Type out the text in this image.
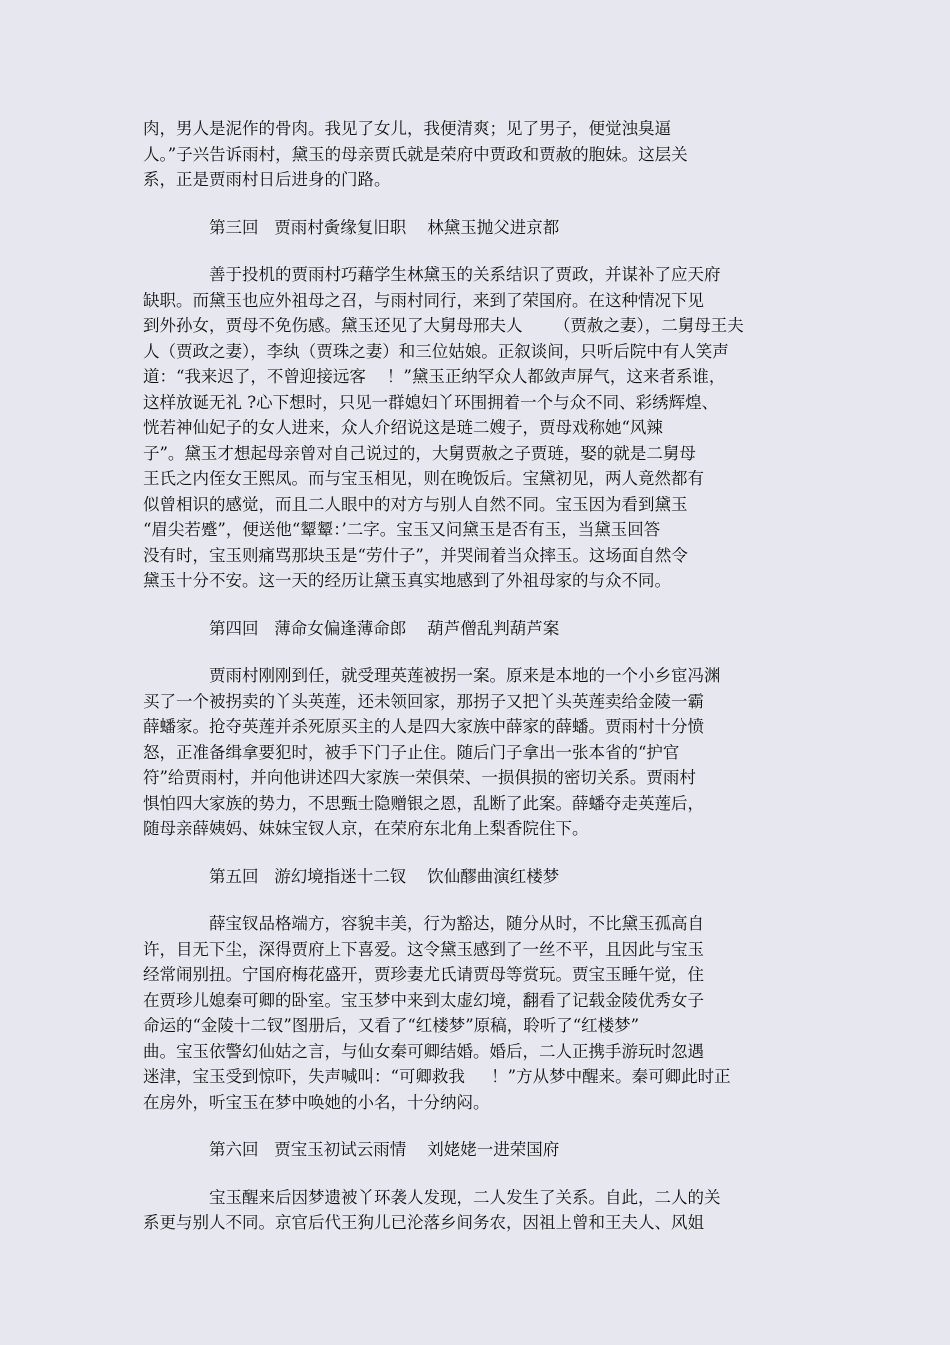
肉，男人是泥作的骨肉。我见了女儿，我便清爽；见了男子，便觉浊臭逼
人。”子兴告诉雨村，黛玉的母亲贾氏就是荣府中贾政和贾赦的胞妹。这层关
系，正是贾雨村日后进身的门路。
第三回   贾雨村夤缘复旧职    林黛玉抛父进京都
善于投机的贾雨村巧藉学生林黛玉的关系结识了贾政，并谋补了应天府
缺职。而黛玉也应外祖母之召，与雨村同行，来到了荣国府。在这种情况下见
到外孙女，贾母不免伤感。黛玉还见了大舅母邢夫人      （贾赦之妻），二舅母王夫
人（贾政之妻），李纨（贾珠之妻）和三位姑娘。正叙谈间，只听后院中有人笑声
道：“我来迟了，不曾迎接远客    ！”黛玉正纳罕众人都敛声屏气，这来者系谁，
这样放诞无礼 ?心下想时，只见一群媳妇丫环围拥着一个与众不同、彩绣辉煌、
恍若神仙妃子的女人进来，众人介绍说这是琏二嫂子，贾母戏称她“风辣
子”。黛玉才想起母亲曾对自己说过的，大舅贾赦之子贾琏，娶的就是二舅母
王氏之内侄女王熙凤。而与宝玉相见，则在晚饭后。宝黛初见，两人竟然都有
似曾相识的感觉，而且二人眼中的对方与别人自然不同。宝玉因为看到黛玉
“眉尖若蹙”，便送他“颦颦：’二字。宝玉又问黛玉是否有玉，当黛玉回答
没有时，宝玉则痛骂那块玉是“劳什子”，并哭闹着当众摔玉。这场面自然令
黛玉十分不安。这一天的经历让黛玉真实地感到了外祖母家的与众不同。
第四回   薄命女偏逢薄命郎    葫芦僧乱判葫芦案
贾雨村刚刚到任，就受理英莲被拐一案。原来是本地的一个小乡宦冯渊
买了一个被拐卖的丫头英莲，还未领回家，那拐子又把丫头英莲卖给金陵一霸
薛蟠家。抢夺英莲并杀死原买主的人是四大家族中薛家的薛蟠。贾雨村十分愤
怒，正准备缉拿要犯时，被手下门子止住。随后门子拿出一张本省的“护官
符”给贾雨村，并向他讲述四大家族一荣俱荣、一损俱损的密切关系。贾雨村
惧怕四大家族的势力，不思甄士隐赠银之恩，乱断了此案。薛蟠夺走英莲后，
随母亲薛姨妈、妹妹宝钗人京，在荣府东北角上梨香院住下。
第五回   游幻境指迷十二钗    饮仙醪曲演红楼梦
薛宝钗品格端方，容貌丰美，行为豁达，随分从时，不比黛玉孤高自
许，目无下尘，深得贾府上下喜爱。这令黛玉感到了一丝不平，且因此与宝玉
经常闹别扭。宁国府梅花盛开，贾珍妻尤氏请贾母等赏玩。贾宝玉睡午觉，住
在贾珍儿媳秦可卿的卧室。宝玉梦中来到太虚幻境，翻看了记载金陵优秀女子
命运的“金陵十二钗”图册后，又看了“红楼梦”原稿，聆听了“红楼梦”
曲。宝玉依警幻仙姑之言，与仙女秦可卿结婚。婚后，二人正携手游玩时忽遇
迷津，宝玉受到惊吓，失声喊叫：“可卿救我     ！”方从梦中醒来。秦可卿此时正
在房外，听宝玉在梦中唤她的小名，十分纳闷。
第六回   贾宝玉初试云雨情    刘姥姥一进荣国府
宝玉醒来后因梦遗被丫环袭人发现，二人发生了关系。自此，二人的关
系更与别人不同。京官后代王狗儿已沦落乡间务农，因祖上曾和王夫人、风姐
